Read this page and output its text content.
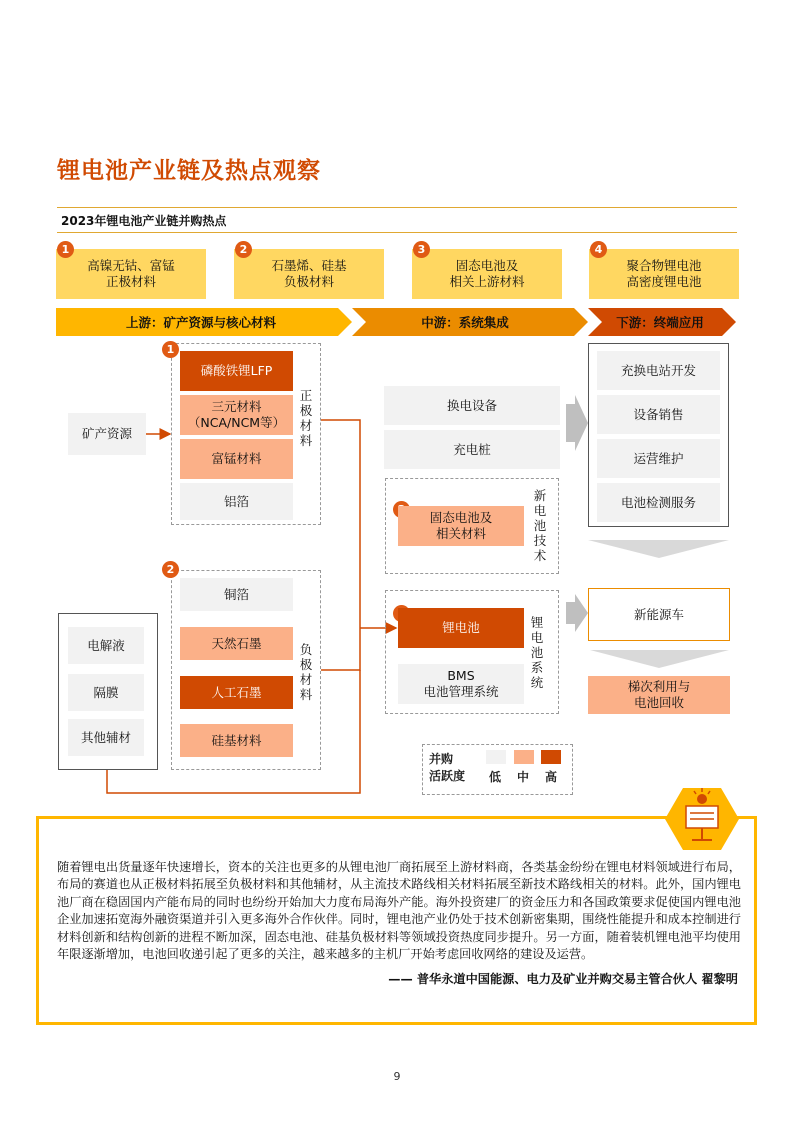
锂电池产业链及热点观察
2023年锂电池产业链并购热点
高镍无钴、富锰
正极材料
1
石墨烯、硅基
负极材料
2
固态电池及
相关上游材料
3
聚合物锂电池
高密度锂电池
4
上游：矿产资源与核心材料	中游：系统集成	下游：终端应用
矿产资源
1
磷酸铁锂LFP
三元材料
（NCA/NCM等）
富锰材料
铝箔
正极材料
2
铜箔
天然石墨
人工石墨
硅基材料
负极材料
电解液
隔膜
其他辅材
换电设备
充电桩
固态电池及
相关材料
新电池技术
锂电池
BMS
电池管理系统
锂电池系统
充换电站开发
设备销售
运营维护
电池检测服务
新能源车
梯次利用与
电池回收
并购
活跃度 低 中 高
随着锂电出货量逐年快速增长，资本的关注也更多的从锂电池厂商拓展至上游材料商，各类基金纷纷在锂电材料领域进行布局，布局的赛道也从正极材料拓展至负极材料和其他辅材，从主流技术路线相关材料拓展至新技术路线相关的材料。此外，国内锂电池厂商在稳固国内产能布局的同时也纷纷开始加大力度布局海外产能。海外投资建厂的资金压力和各国政策要求促使国内锂电池企业加速拓宽海外融资渠道并引入更多海外合作伙伴。同时，锂电池产业仍处于技术创新密集期，围绕性能提升和成本控制进行材料创新和结构创新的进程不断加深，固态电池、硅基负极材料等领域投资热度同步提升。另一方面，随着装机锂电池平均使用年限逐渐增加，电池回收递引起了更多的关注，越来越多的主机厂开始考虑回收网络的建设及运营。
—— 普华永道中国能源、电力及矿业并购交易主管合伙人 翟黎明
9
